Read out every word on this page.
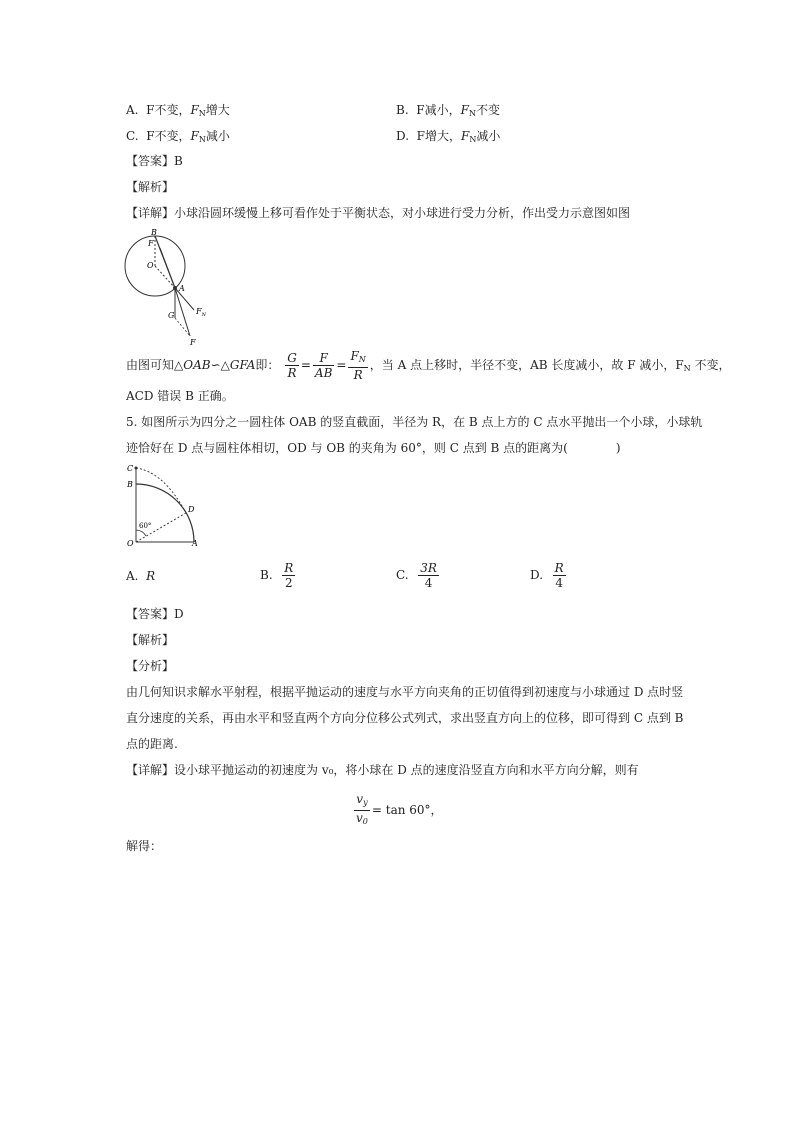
A. F不变，$F_N$增大	B. F减小，$F_N$不变
C. F不变，$F_N$减小	D. F增大，$F_N$减小
【答案】B
【解析】
【详解】小球沿圆环缓慢上移可看作处于平衡状态，对小球进行受力分析，作出受力示意图如图
B
F
O
A
G	$F_N$
F
由图可知△OAB∽△GFA即： $\frac{G}{R} = \frac{F}{AB} = \frac{F_N}{R}$ ，当 A 点上移时，半径不变，AB 长度减小，故 F 减小，$F_N$ 不变，
ACD 错误 B 正确。
5. 如图所示为四分之一圆柱体 OAB 的竖直截面，半径为 R，在 B 点上方的 C 点水平抛出一个小球，小球轨
迹恰好在 D 点与圆柱体相切，OD 与 OB 的夹角为 60°，则 C 点到 B 点的距离为(　　　　)
C
B
D
60°
O	A
A. R	B. $\frac{R}{2}$	C. $\frac{3R}{4}$	D. $\frac{R}{4}$
【答案】D
【解析】
【分析】
由几何知识求解水平射程，根据平抛运动的速度与水平方向夹角的正切值得到初速度与小球通过 D 点时竖
直分速度的关系，再由水平和竖直两个方向分位移公式列式，求出竖直方向上的位移，即可得到 C 点到 B
点的距离.
【详解】设小球平抛运动的初速度为 v₀，将小球在 D 点的速度沿竖直方向和水平方向分解，则有
$\frac{v_y}{v_0} = \tan 60^\circ$，
解得：
